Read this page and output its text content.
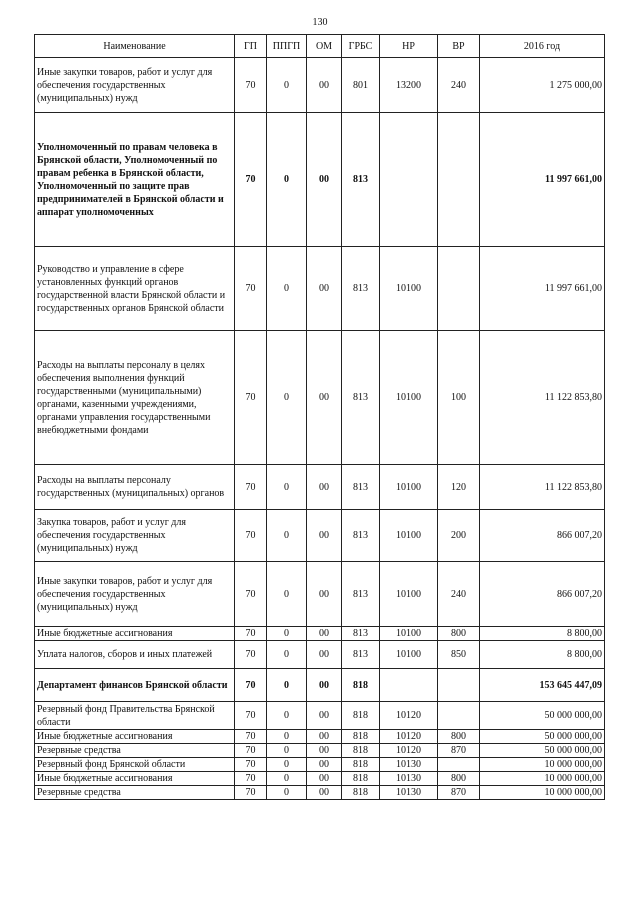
130
Наименование	ГП	ППГП	ОМ	ГРБС	НР	ВР	2016 год
Иные закупки товаров, работ и услуг для обеспечения государственных (муниципальных) нужд	70	0	00	801	13200	240	1 275 000,00
Уполномоченный по правам человека в Брянской области, Уполномоченный по правам ребенка в Брянской области, Уполномоченный по защите прав предпринимателей в Брянской области и аппарат уполномоченных	70	0	00	813			11 997 661,00
Руководство и управление в сфере установленных функций органов государственной власти Брянской области и государственных органов Брянской области	70	0	00	813	10100		11 997 661,00
Расходы на выплаты персоналу в целях обеспечения выполнения функций государственными (муниципальными) органами, казенными учреждениями, органами управления государственными внебюджетными фондами	70	0	00	813	10100	100	11 122 853,80
Расходы на выплаты персоналу государственных (муниципальных) органов	70	0	00	813	10100	120	11 122 853,80
Закупка товаров, работ и услуг для обеспечения государственных (муниципальных) нужд	70	0	00	813	10100	200	866 007,20
Иные закупки товаров, работ и услуг для обеспечения государственных (муниципальных) нужд	70	0	00	813	10100	240	866 007,20
Иные бюджетные ассигнования	70	0	00	813	10100	800	8 800,00
Уплата налогов, сборов и иных платежей	70	0	00	813	10100	850	8 800,00
Департамент финансов Брянской области	70	0	00	818			153 645 447,09
Резервный фонд Правительства Брянской области	70	0	00	818	10120		50 000 000,00
Иные бюджетные ассигнования	70	0	00	818	10120	800	50 000 000,00
Резервные средства	70	0	00	818	10120	870	50 000 000,00
Резервный фонд Брянской области	70	0	00	818	10130		10 000 000,00
Иные бюджетные ассигнования	70	0	00	818	10130	800	10 000 000,00
Резервные средства	70	0	00	818	10130	870	10 000 000,00
